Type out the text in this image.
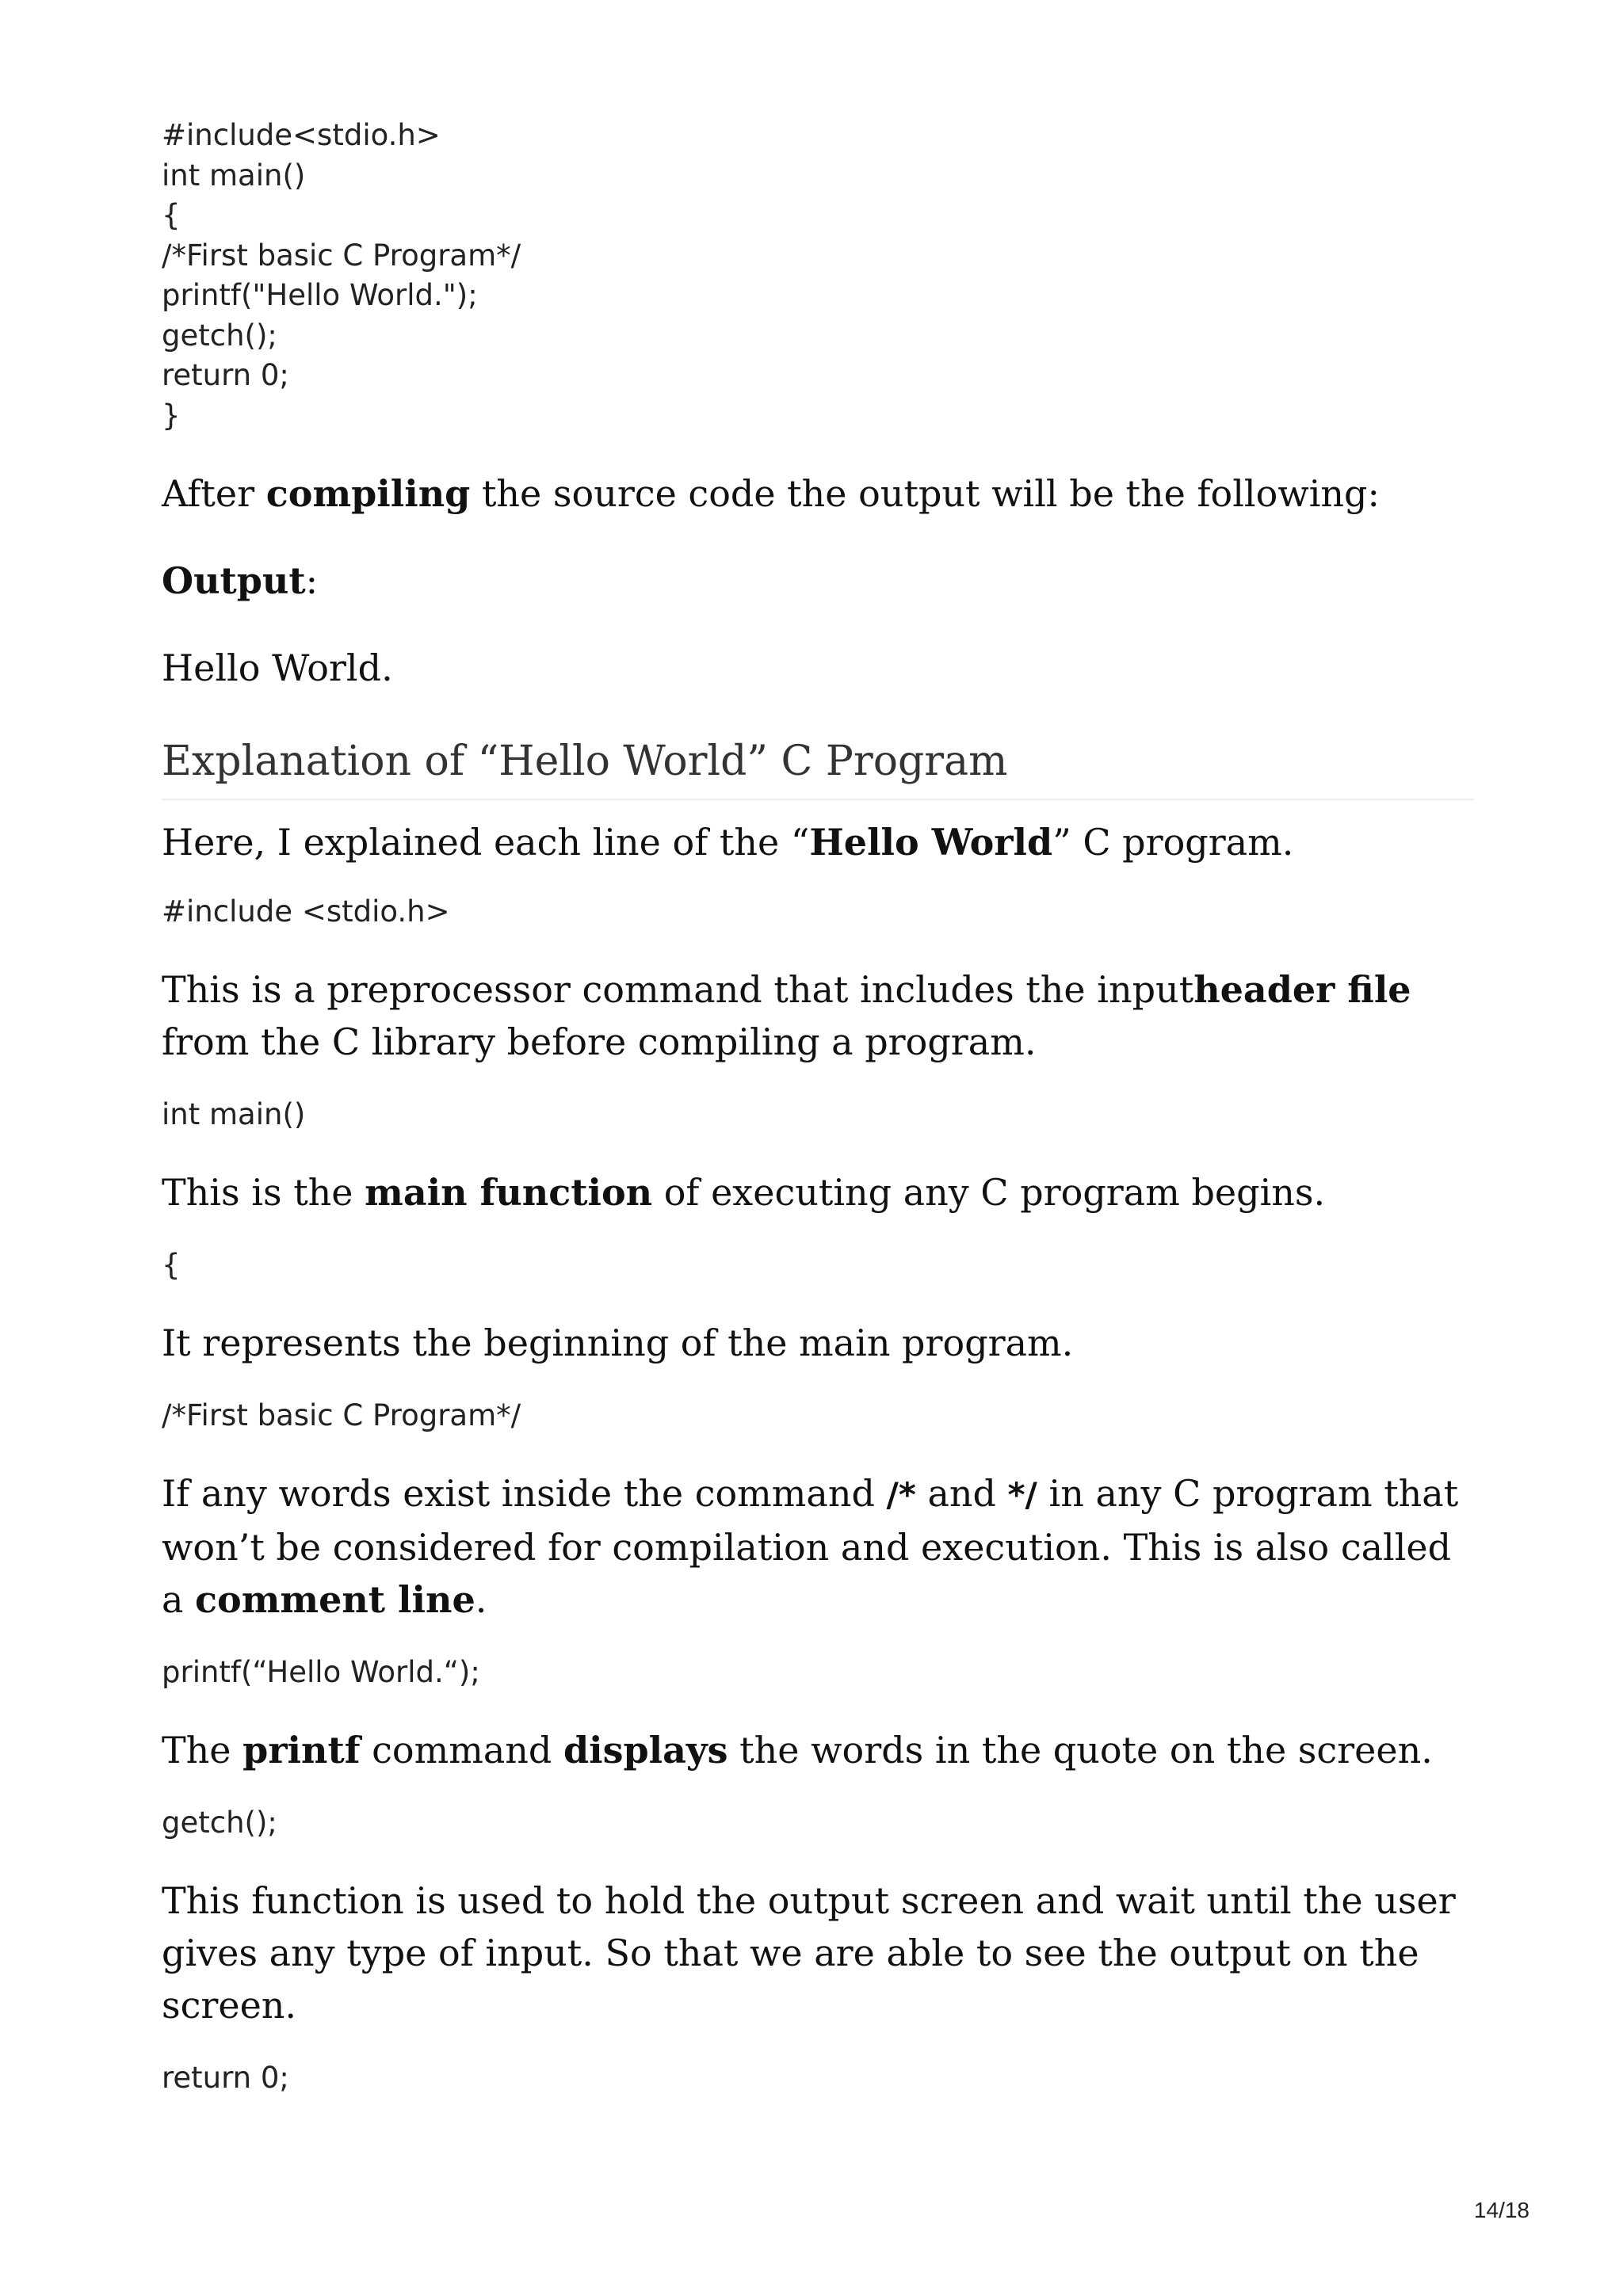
#include<stdio.h>
int main()
{
/*First basic C Program*/
printf("Hello World.");
getch();
return 0;
}

After compiling the source code the output will be the following:

Output:

Hello World.

Explanation of “Hello World” C Program

Here, I explained each line of the “Hello World” C program.

#include <stdio.h>

This is a preprocessor command that includes the inputheader file from the C library before compiling a program.

int main()

This is the main function of executing any C program begins.

{

It represents the beginning of the main program.

/*First basic C Program*/

If any words exist inside the command /* and */ in any C program that won’t be considered for compilation and execution. This is also called a comment line.

printf(“Hello World.“);

The printf command displays the words in the quote on the screen.

getch();

This function is used to hold the output screen and wait until the user gives any type of input. So that we are able to see the output on the screen.

return 0;

14/18
